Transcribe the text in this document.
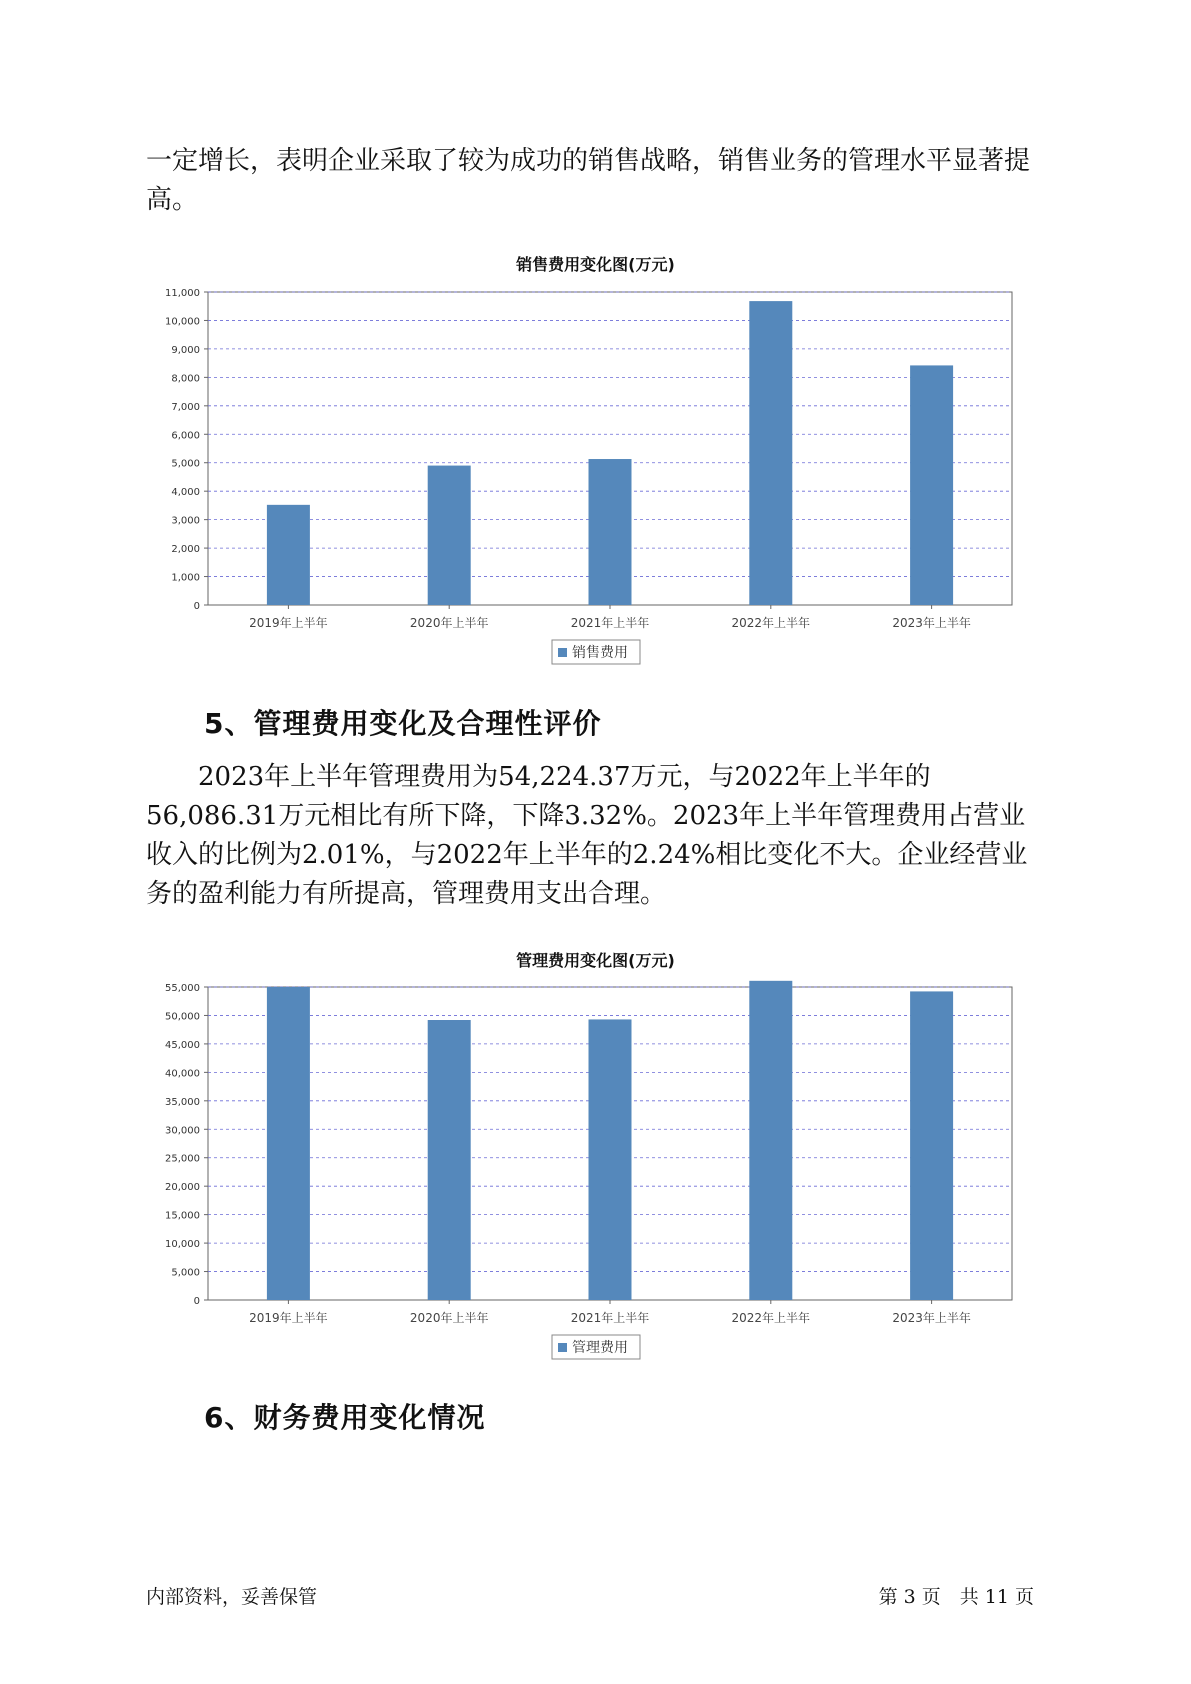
一定增长，表明企业采取了较为成功的销售战略，销售业务的管理水平显著提高。

销售费用变化图(万元)
0
1,000
2,000
3,000
4,000
5,000
6,000
7,000
8,000
9,000
10,000
11,000
2019年上半年	2020年上半年	2021年上半年	2022年上半年	2023年上半年
销售费用
5、管理费用变化及合理性评价

2023年上半年管理费用为54,224.37万元，与2022年上半年的56,086.31万元相比有所下降，下降3.32%。2023年上半年管理费用占营业收入的比例为2.01%，与2022年上半年的2.24%相比变化不大。企业经营业务的盈利能力有所提高，管理费用支出合理。

管理费用变化图(万元)
0
5,000
10,000
15,000
20,000
25,000
30,000
35,000
40,000
45,000
50,000
55,000
2019年上半年	2020年上半年	2021年上半年	2022年上半年	2023年上半年
管理费用
6、财务费用变化情况
内部资料，妥善保管	第 3 页　共 11 页
